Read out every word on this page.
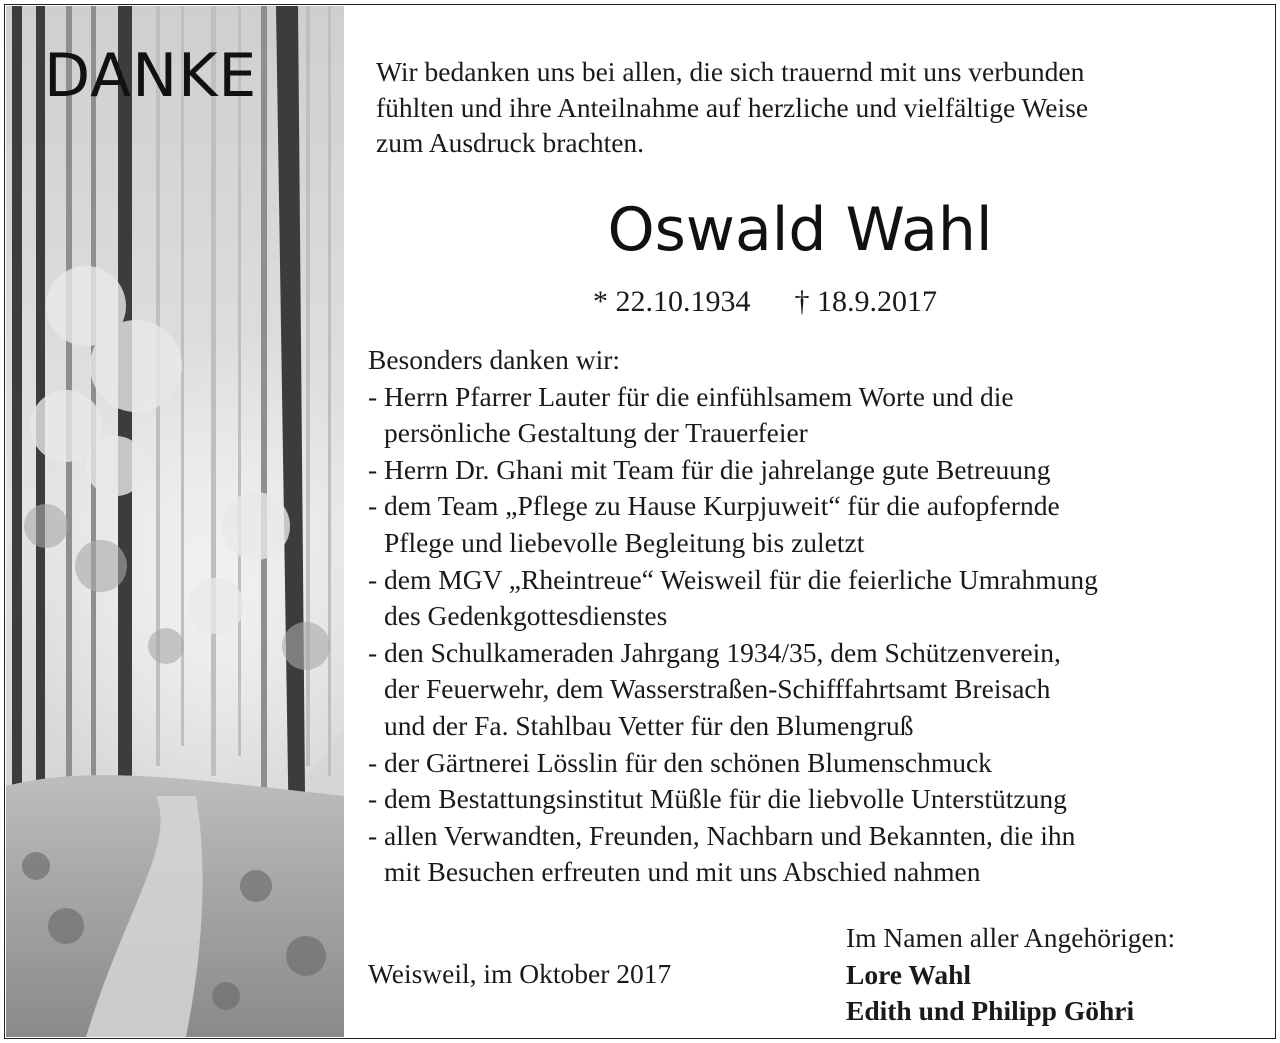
DANKE	Wir bedanken uns bei allen, die sich trauernd mit uns verbunden
fühlten und ihre Anteilnahme auf herzliche und vielfältige Weise
zum Ausdruck brachten.
Oswald Wahl
* 22.10.1934 † 18.9.2017
Besonders danken wir:
- Herrn Pfarrer Lauter für die einfühlsamem Worte und die
persönliche Gestaltung der Trauerfeier
- Herrn Dr. Ghani mit Team für die jahrelange gute Betreuung
- dem Team „Pflege zu Hause Kurpjuweit“ für die aufopfernde
Pflege und liebevolle Begleitung bis zuletzt
- dem MGV „Rheintreue“ Weisweil für die feierliche Umrahmung
des Gedenkgottesdienstes
- den Schulkameraden Jahrgang 1934/35, dem Schützenverein,
der Feuerwehr, dem Wasserstraßen-Schifffahrtsamt Breisach
und der Fa. Stahlbau Vetter für den Blumengruß
- der Gärtnerei Lösslin für den schönen Blumenschmuck
- dem Bestattungsinstitut Müßle für die liebvolle Unterstützung
- allen Verwandten, Freunden, Nachbarn und Bekannten, die ihn
mit Besuchen erfreuten und mit uns Abschied nahmen
Weisweil, im Oktober 2017
Im Namen aller Angehörigen:
Lore Wahl
Edith und Philipp Göhri
